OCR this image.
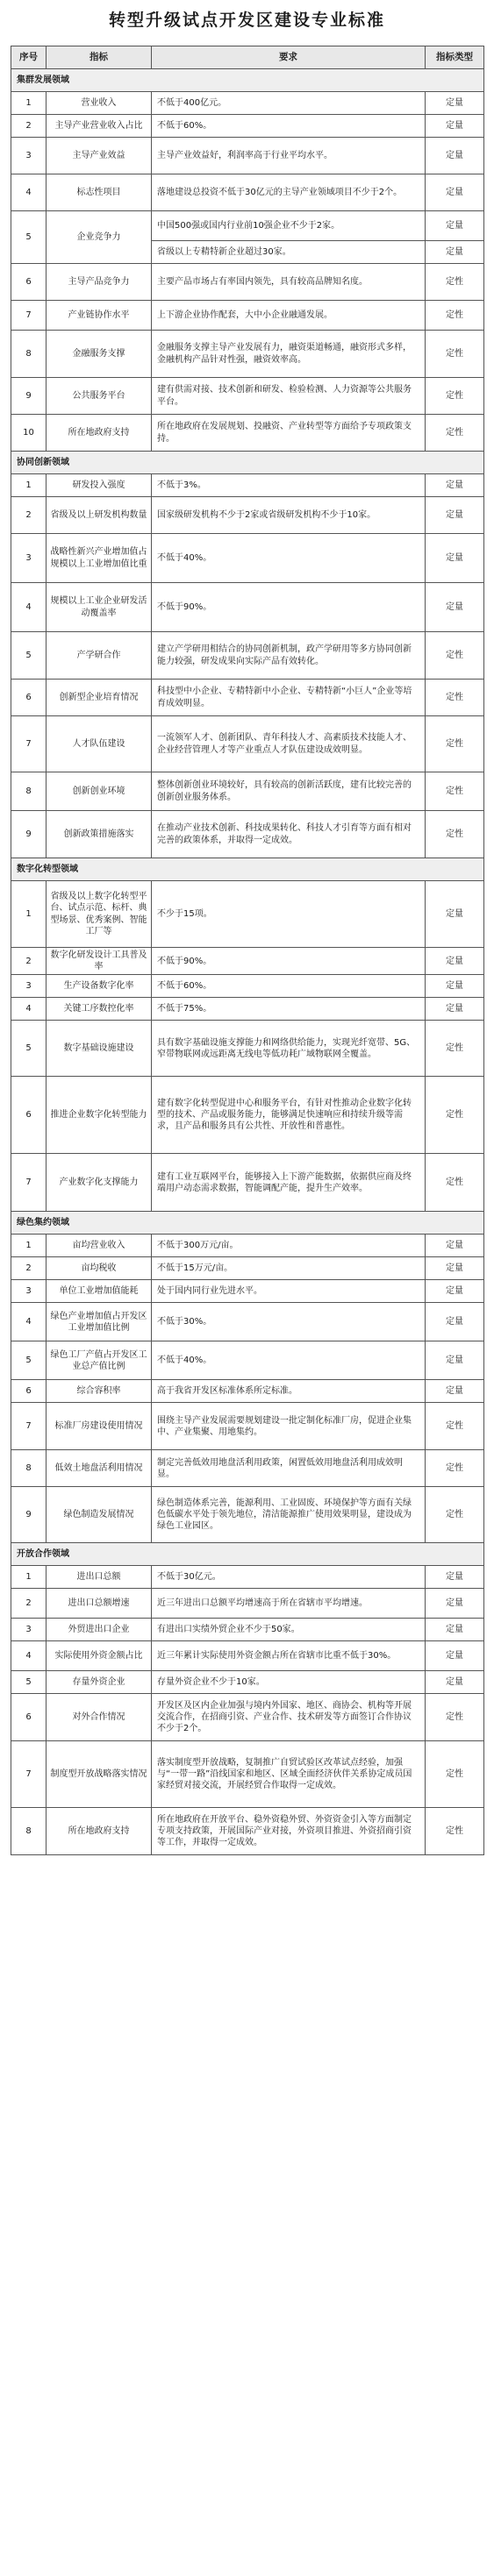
转型升级试点开发区建设专业标准
序号	指标	要求	指标类型
集群发展领域			
1	营业收入	不低于400亿元。	定量
2	主导产业营业收入占比	不低于60%。	定量
3	主导产业效益	主导产业效益好，利润率高于行业平均水平。	定量
4	标志性项目	落地建设总投资不低于30亿元的主导产业领域项目不少于2个。	定量
5	企业竞争力	中国500强或国内行业前10强企业不少于2家。	定量
		省级以上专精特新企业超过30家。	定量
6	主导产品竞争力	主要产品市场占有率国内领先，具有较高品牌知名度。	定性
7	产业链协作水平	上下游企业协作配套，大中小企业融通发展。	定性
8	金融服务支撑	金融服务支撑主导产业发展有力，融资渠道畅通，融资形式多样，金融机构产品针对性强，融资效率高。	定性
9	公共服务平台	建有供需对接、技术创新和研发、检验检测、人力资源等公共服务平台。	定性
10	所在地政府支持	所在地政府在发展规划、投融资、产业转型等方面给予专项政策支持。	定性
协同创新领域			
1	研发投入强度	不低于3%。	定量
2	省级及以上研发机构数量	国家级研发机构不少于2家或省级研发机构不少于10家。	定量
3	战略性新兴产业增加值占规模以上工业增加值比重	不低于40%。	定量
4	规模以上工业企业研发活动覆盖率	不低于90%。	定量
5	产学研合作	建立产学研用相结合的协同创新机制，政产学研用等多方协同创新能力较强，研发成果向实际产品有效转化。	定性
6	创新型企业培育情况	科技型中小企业、专精特新中小企业、专精特新“小巨人”企业等培育成效明显。	定性
7	人才队伍建设	一流领军人才、创新团队、青年科技人才、高素质技术技能人才、企业经营管理人才等产业重点人才队伍建设成效明显。	定性
8	创新创业环境	整体创新创业环境较好，具有较高的创新活跃度，建有比较完善的创新创业服务体系。	定性
9	创新政策措施落实	在推动产业技术创新、科技成果转化、科技人才引育等方面有相对完善的政策体系，并取得一定成效。	定性
数字化转型领域			
1	省级及以上数字化转型平台、试点示范、标杆、典型场景、优秀案例、智能工厂等	不少于15项。	定量
2	数字化研发设计工具普及率	不低于90%。	定量
3	生产设备数字化率	不低于60%。	定量
4	关键工序数控化率	不低于75%。	定量
5	数字基础设施建设	具有数字基础设施支撑能力和网络供给能力，实现光纤宽带、5G、窄带物联网或远距离无线电等低功耗广域物联网全覆盖。	定性
6	推进企业数字化转型能力	建有数字化转型促进中心和服务平台，有针对性推动企业数字化转型的技术、产品或服务能力，能够满足快速响应和持续升级等需求，且产品和服务具有公共性、开放性和普惠性。	定性
7	产业数字化支撑能力	建有工业互联网平台，能够接入上下游产能数据，依据供应商及终端用户动态需求数据，智能调配产能，提升生产效率。	定性
绿色集约领域			
1	亩均营业收入	不低于300万元/亩。	定量
2	亩均税收	不低于15万元/亩。	定量
3	单位工业增加值能耗	处于国内同行业先进水平。	定量
4	绿色产业增加值占开发区工业增加值比例	不低于30%。	定量
5	绿色工厂产值占开发区工业总产值比例	不低于40%。	定量
6	综合容积率	高于我省开发区标准体系所定标准。	定量
7	标准厂房建设使用情况	围绕主导产业发展需要规划建设一批定制化标准厂房，促进企业集中、产业集聚、用地集约。	定性
8	低效土地盘活利用情况	制定完善低效用地盘活利用政策，闲置低效用地盘活利用成效明显。	定性
9	绿色制造发展情况	绿色制造体系完善，能源利用、工业固废、环境保护等方面有关绿色低碳水平处于领先地位，清洁能源推广使用效果明显，建设成为绿色工业园区。	定性
开放合作领域			
1	进出口总额	不低于30亿元。	定量
2	进出口总额增速	近三年进出口总额平均增速高于所在省辖市平均增速。	定量
3	外贸进出口企业	有进出口实绩外贸企业不少于50家。	定量
4	实际使用外资金额占比	近三年累计实际使用外资金额占所在省辖市比重不低于30%。	定量
5	存量外资企业	存量外资企业不少于10家。	定量
6	对外合作情况	开发区及区内企业加强与境内外国家、地区、商协会、机构等开展交流合作，在招商引资、产业合作、技术研发等方面签订合作协议不少于2个。	定性
7	制度型开放战略落实情况	落实制度型开放战略，复制推广自贸试验区改革试点经验，加强与“一带一路”沿线国家和地区、区域全面经济伙伴关系协定成员国家经贸对接交流，开展经贸合作取得一定成效。	定性
8	所在地政府支持	所在地政府在开放平台、稳外资稳外贸、外资资金引入等方面制定专项支持政策，开展国际产业对接，外资项目推进、外资招商引资等工作，并取得一定成效。	定性
